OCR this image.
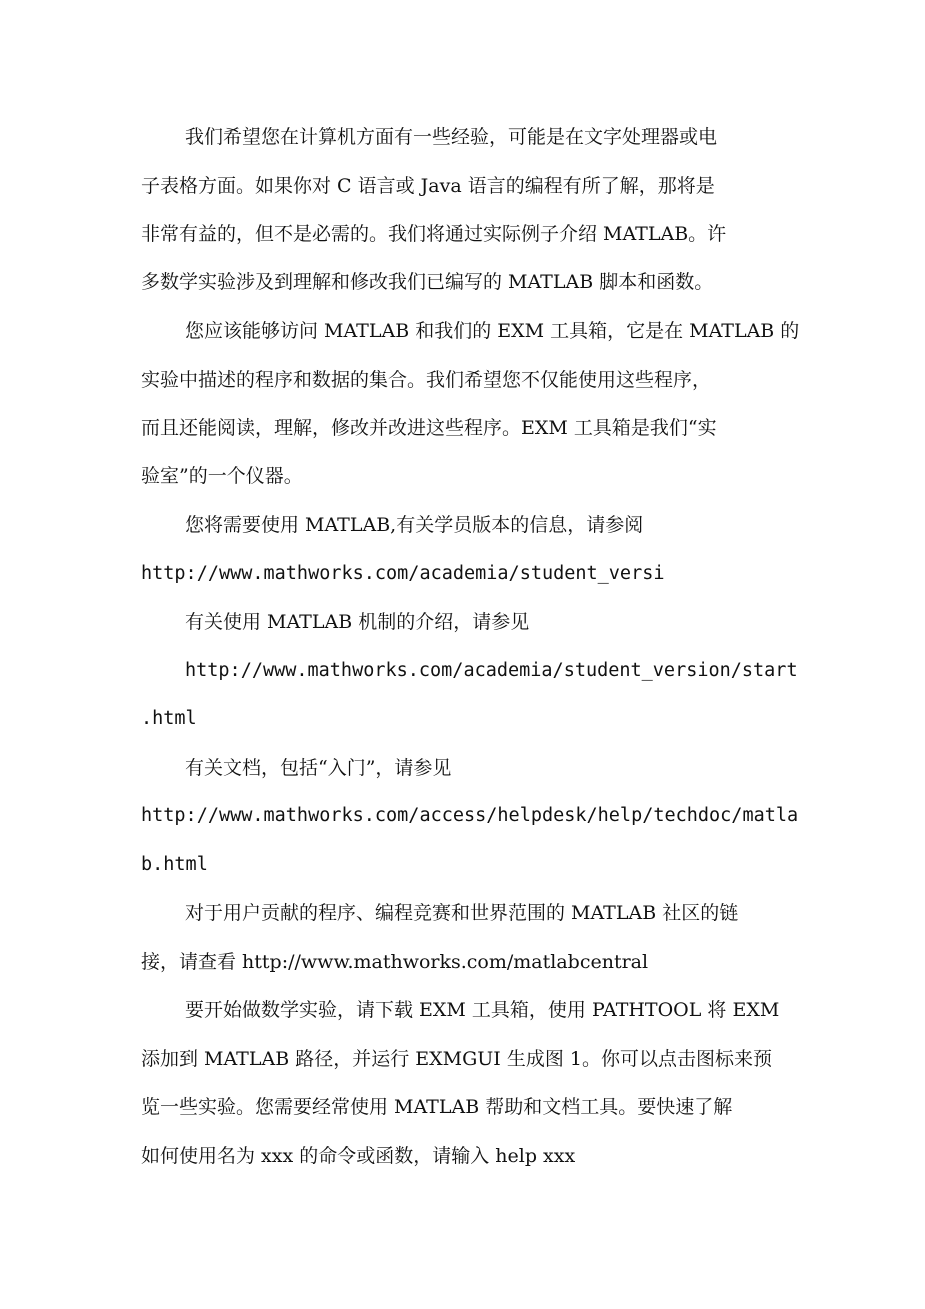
我们希望您在计算机方面有一些经验，可能是在文字处理器或电

子表格方面。如果你对 C 语言或 Java 语言的编程有所了解，那将是

非常有益的，但不是必需的。我们将通过实际例子介绍 MATLAB。许

多数学实验涉及到理解和修改我们已编写的 MATLAB 脚本和函数。

您应该能够访问 MATLAB 和我们的 EXM 工具箱，它是在 MATLAB 的

实验中描述的程序和数据的集合。我们希望您不仅能使用这些程序，

而且还能阅读，理解，修改并改进这些程序。EXM 工具箱是我们“实

验室”的一个仪器。

您将需要使用 MATLAB,有关学员版本的信息，请参阅

http://www.mathworks.com/academia/student_versi

有关使用 MATLAB 机制的介绍，请参见

http://www.mathworks.com/academia/student_version/start

.html

有关文档，包括“入门”，请参见

http://www.mathworks.com/access/helpdesk/help/techdoc/matla

b.html

对于用户贡献的程序、编程竞赛和世界范围的 MATLAB 社区的链

接，请查看 http://www.mathworks.com/matlabcentral

要开始做数学实验，请下载 EXM 工具箱，使用 PATHTOOL 将 EXM

添加到 MATLAB 路径，并运行 EXMGUI 生成图 1。你可以点击图标来预

览一些实验。您需要经常使用 MATLAB 帮助和文档工具。要快速了解

如何使用名为 xxx 的命令或函数，请输入 help xxx
